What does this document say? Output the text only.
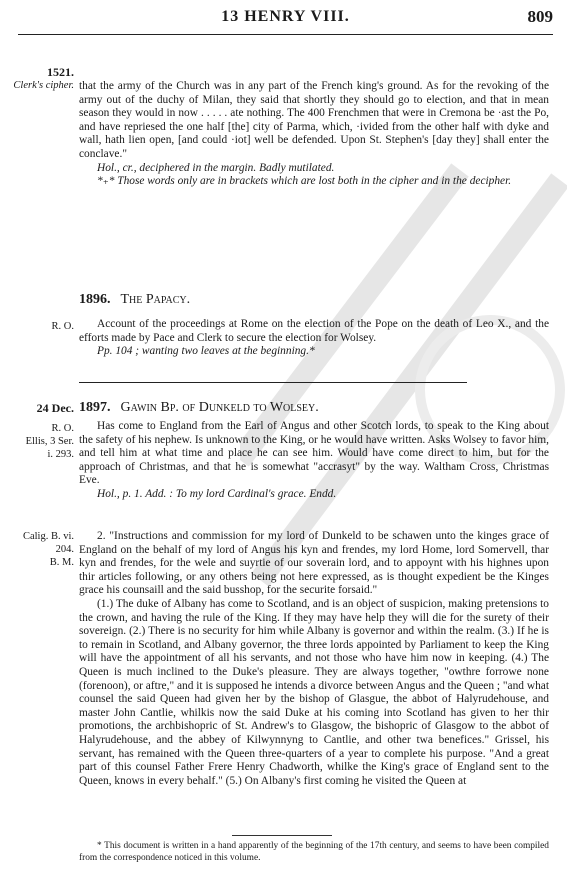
13 HENRY VIII.	809
1521.
Clerk's cipher. that the army of the Church was in any part of the French king's ground. As for the revoking of the army out of the duchy of Milan, they said that shortly they should go to election, and that in mean season they would in now . . . . . ate nothing. The 400 Frenchmen that were in Cremona be ·ast the Po, and have repriesed the one half [the] city of Parma, which, ·ivided from the other half with dyke and wall, hath lien open, [and could ·iot] well be defended. Upon St. Stephen's [day they] shall enter the conclave."

Hol., cr., deciphered in the margin. Badly mutilated.

*₊* Those words only are in brackets which are lost both in the cipher and in the decipher.

1896. The Papacy.
R. O.	Account of the proceedings at Rome on the election of the Pope on the death of Leo X., and the efforts made by Pace and Clerk to secure the election for Wolsey.

Pp. 104 ; wanting two leaves at the beginning.*

24 Dec. 1897. Gawin Bp. of Dunkeld to Wolsey.
R. O.
Ellis, 3 Ser.
i. 293.

Has come to England from the Earl of Angus and other Scotch lords, to speak to the King about the safety of his nephew. Is unknown to the King, or he would have written. Asks Wolsey to favor him, and tell him at what time and place he can see him. Would have come direct to him, but for the approach of Christmas, and that he is somewhat "accrasyt" by the way. Waltham Cross, Christmas Eve.

Hol., p. 1. Add. : To my lord Cardinal's grace. Endd.

Calig. B. vi.
204.
B. M.

2. "Instructions and commission for my lord of Dunkeld to be schawen unto the kinges grace of England on the behalf of my lord of Angus his kyn and frendes, my lord Home, lord Somervell, thar kyn and frendes, for the wele and suyrtie of our soverain lord, and to appoynt with his highnes upon thir articles following, or any others being not here expressed, as is thought expedient be the Kinges grace his counsaill and the said busshop, for the securite forsaid."

(1.) The duke of Albany has come to Scotland, and is an object of suspicion, making pretensions to the crown, and having the rule of the King. If they may have help they will die for the surety of their sovereign. (2.) There is no security for him while Albany is governor and within the realm. (3.) If he is to remain in Scotland, and Albany governor, the three lords appointed by Parliament to keep the King will have the appointment of all his servants, and not those who have him now in keeping. (4.) The Queen is much inclined to the Duke's pleasure. They are always together, "owthre forrowe none (forenoon), or aftre," and it is supposed he intends a divorce between Angus and the Queen ; "and what counsel the said Queen had given her by the bishop of Glasgue, the abbot of Halyrudehouse, and master John Cantlie, whilkis now the said Duke at his coming into Scotland has given to her thir promotions, the archbishopric of St. Andrew's to Glasgow, the bishopric of Glasgow to the abbot of Halyrudehouse, and the abbey of Kilwynnyng to Cantlie, and other twa benefices." Grissel, his servant, has remained with the Queen three-quarters of a year to complete his purpose. "And a great part of this counsel Father Frere Henry Chadworth, whilke the King's grace of England sent to the Queen, knows in every behalf." (5.) On Albany's first coming he visited the Queen at

* This document is written in a hand apparently of the beginning of the 17th century, and seems to have been compiled from the correspondence noticed in this volume.
